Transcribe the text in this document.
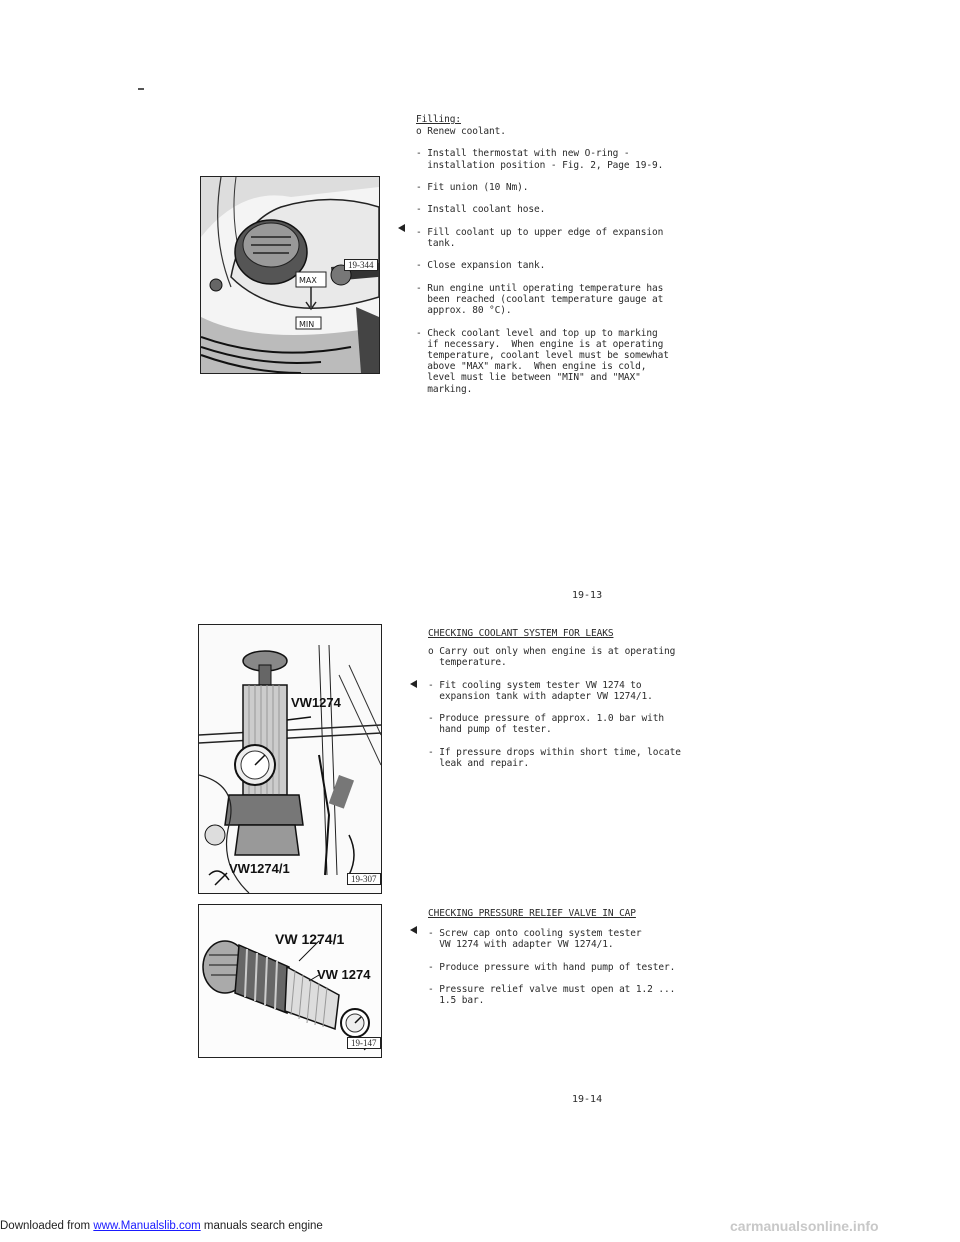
MAX
MIN
19-344
Filling:
o Renew coolant.
- Install thermostat with new O-ring -
installation position - Fig. 2, Page 19-9.
- Fit union (10 Nm).
- Install coolant hose.
- Fill coolant up to upper edge of expansion
tank.
- Close expansion tank.
- Run engine until operating temperature has
been reached (coolant temperature gauge at
approx. 80 °C).
- Check coolant level and top up to marking
if necessary.  When engine is at operating
temperature, coolant level must be somewhat
above "MAX" mark.  When engine is cold,
level must lie between "MIN" and "MAX"
marking.
19-13
VW1274
VW1274/1
19-307
CHECKING COOLANT SYSTEM FOR LEAKS
o Carry out only when engine is at operating
temperature.
- Fit cooling system tester VW 1274 to
expansion tank with adapter VW 1274/1.
- Produce pressure of approx. 1.0 bar with
hand pump of tester.
- If pressure drops within short time, locate
leak and repair.
VW 1274/1
VW 1274
19-147
CHECKING PRESSURE RELIEF VALVE IN CAP
- Screw cap onto cooling system tester
VW 1274 with adapter VW 1274/1.
- Produce pressure with hand pump of tester.
- Pressure relief valve must open at 1.2 ...
1.5 bar.
19-14
Downloaded from www.Manualslib.com manuals search engine	carmanualsonline.info
